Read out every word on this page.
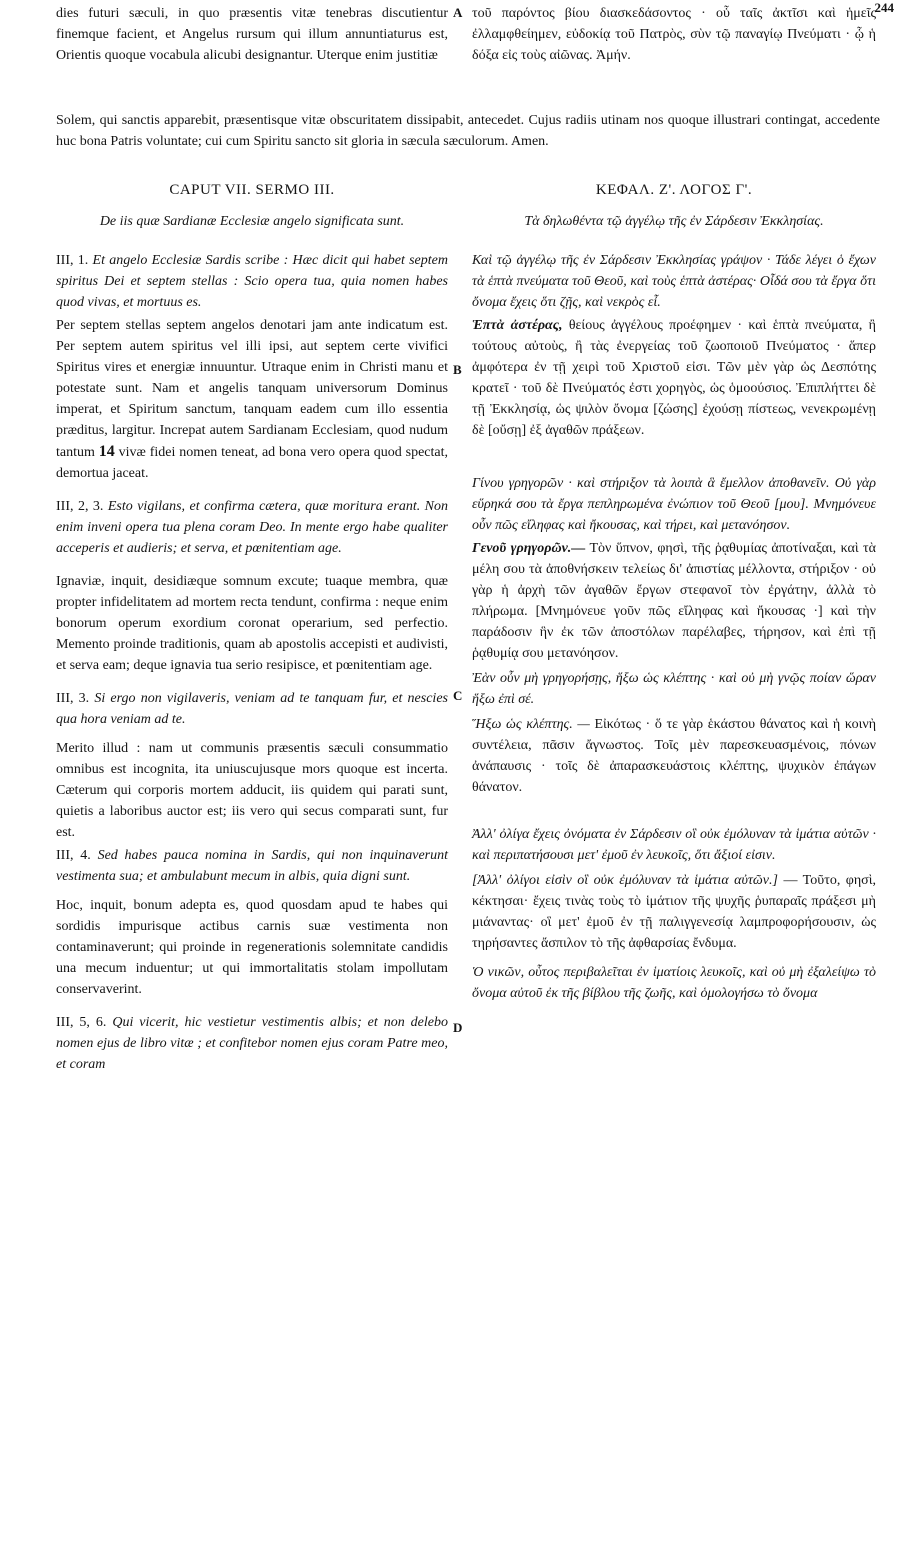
244

dies futuri sæculi, in quo præsentis vitæ tenebras discutientur finemque facient, et Angelus rursum qui illum annuntiaturus est, Orientis quoque vocabula alicubi designantur. Uterque enim justitiæ

A τοῦ παρόντος βίου διασκεδάσοντος · οὗ ταῖς ἀκτῖσι καὶ ἡμεῖς ἐλλαμφθείημεν, εὐδοκίᾳ τοῦ Πατρὸς, σὺν τῷ παναγίῳ Πνεύματι · ᾧ ἡ δόξα εἰς τοὺς αἰῶνας. Ἀμήν.

Solem, qui sanctis apparebit, præsentisque vitæ obscuritatem dissipabit, antecedet. Cujus radiis utinam nos quoque illustrari contingat, accedente huc bona Patris voluntate; cui cum Spiritu sancto sit gloria in sæcula sæculorum. Amen.

CAPUT VII. SERMO III.

De iis quæ Sardianæ Ecclesiæ angelo significata sunt.

III, 1. Et angelo Ecclesiæ Sardis scribe : Hæc dicit qui habet septem spiritus Dei et septem stellas : Scio opera tua, quia nomen habes quod vivas, et mortuus es.

Per septem stellas septem angelos denotari jam ante indicatum est. Per septem autem spiritus vel illi ipsi, aut septem certe vivifici Spiritus vires et energiæ innuuntur. Utraque enim in Christi manu et potestate sunt. Nam et angelis tanquam universorum Dominus imperat, et Spiritum sanctum, tanquam eadem cum illo essentia præditus, largitur. Increpat autem Sardianam Ecclesiam, quod nudum tantum 14 vivæ fidei nomen teneat, ad bona vero opera quod spectat, demortua jaceat.

III, 2, 3. Esto vigilans, et confirma cætera, quæ moritura erant. Non enim inveni opera tua plena coram Deo. In mente ergo habe qualiter acceperis et audieris; et serva, et pœnitentiam age.

Ignaviæ, inquit, desidiæque somnum excute; tuaque membra, quæ propter infidelitatem ad mortem recta tendunt, confirma : neque enim bonorum operum exordium coronat operarium, sed perfectio. Memento proinde traditionis, quam ab apostolis accepisti et audivisti, et serva eam; deque ignavia tua serio resipisce, et pœnitentiam age.

III, 3. Si ergo non vigilaveris, veniam ad te tanquam fur, et nescies qua hora veniam ad te.

Merito illud : nam ut communis præsentis sæculi consummatio omnibus est incognita, ita uniuscujusque mors quoque est incerta. Cæterum qui corporis mortem adducit, iis quidem qui parati sunt, quietis a laboribus auctor est; iis vero qui secus comparati sunt, fur est.

III, 4. Sed habes pauca nomina in Sardis, qui non inquinaverunt vestimenta sua; et ambulabunt mecum in albis, quia digni sunt.

Hoc, inquit, bonum adepta es, quod quosdam apud te habes qui sordidis impurisque actibus carnis suæ vestimenta non contaminaverunt; qui proinde in regenerationis solemnitate candidis una mecum induentur; ut qui immortalitatis stolam impollutam conservaverint.

III, 5, 6. Qui vicerit, hic vestietur vestimentis albis; et non delebo nomen ejus de libro vitæ ; et confitebor nomen ejus coram Patre meo, et coram

B
C
D

ΚΕΦΑΛ. Ζ'. ΛΟΓΟΣ Γ'.

Τὰ δηλωθέντα τῷ ἀγγέλῳ τῆς ἐν Σάρδεσιν Ἐκκλησίας.

Καὶ τῷ ἀγγέλῳ τῆς ἐν Σάρδεσιν Ἐκκλησίας γράψον · Τάδε λέγει ὁ ἔχων τὰ ἑπτὰ πνεύματα τοῦ Θεοῦ, καὶ τοὺς ἑπτὰ ἀστέρας· Οἶδά σου τὰ ἔργα ὅτι ὄνομα ἔχεις ὅτι ζῇς, καὶ νεκρὸς εἶ.

Ἑπτὰ ἀστέρας, θείους ἀγγέλους προέφημεν · καὶ ἑπτὰ πνεύματα, ἢ τούτους αὐτοὺς, ἢ τὰς ἐνεργείας τοῦ ζωοποιοῦ Πνεύματος · ἅπερ ἀμφότερα ἐν τῇ χειρὶ τοῦ Χριστοῦ εἰσι. Τῶν μὲν γὰρ ὡς Δεσπότης κρατεῖ · τοῦ δὲ Πνεύματός ἐστι χορηγὸς, ὡς ὁμοούσιος. Ἐπιπλήττει δὲ τῇ Ἐκκλησίᾳ, ὡς ψιλὸν ὄνομα [ζώσης] ἐχούσῃ πίστεως, νενεκρωμένῃ δὲ [οὔσῃ] ἐξ ἀγαθῶν πράξεων.

Γίνου γρηγορῶν · καὶ στήριξον τὰ λοιπὰ ἃ ἔμελλον ἀποθανεῖν. Οὐ γὰρ εὕρηκά σου τὰ ἔργα πεπληρωμένα ἐνώπιον τοῦ Θεοῦ [μου]. Μνημόνευε οὖν πῶς εἴληφας καὶ ἤκουσας, καὶ τήρει, καὶ μετανόησον.

Γενοῦ γρηγορῶν.— Τὸν ὕπνον, φησὶ, τῆς ῥᾳθυμίας ἀποτίναξαι, καὶ τὰ μέλη σου τὰ ἀποθνήσκειν τελείως δι' ἀπιστίας μέλλοντα, στήριξον · οὐ γὰρ ἡ ἀρχὴ τῶν ἀγαθῶν ἔργων στεφανοῖ τὸν ἐργάτην, ἀλλὰ τὸ πλήρωμα. [Μνημόνευε γοῦν πῶς εἴληφας καὶ ἤκουσας ·] καὶ τὴν παράδοσιν ἣν ἐκ τῶν ἀποστόλων παρέλαβες, τήρησον, καὶ ἐπὶ τῇ ῥᾳθυμίᾳ σου μετανόησον.

Ἐὰν οὖν μὴ γρηγορήσῃς, ἥξω ὡς κλέπτης · καὶ οὐ μὴ γνῷς ποίαν ὥραν ἥξω ἐπὶ σέ.

Ἥξω ὡς κλέπτης. — Εἰκότως · ὅ τε γὰρ ἑκάστου θάνατος καὶ ἡ κοινὴ συντέλεια, πᾶσιν ἄγνωστος. Τοῖς μὲν παρεσκευασμένοις, πόνων ἀνάπαυσις · τοῖς δὲ ἀπαρασκευάστοις κλέπτης, ψυχικὸν ἐπάγων θάνατον.

Ἀλλ' ὀλίγα ἔχεις ὀνόματα ἐν Σάρδεσιν οἳ οὐκ ἐμόλυναν τὰ ἱμάτια αὐτῶν · καὶ περιπατήσουσι μετ' ἐμοῦ ἐν λευκοῖς, ὅτι ἄξιοί εἰσιν.

[Ἀλλ' ὀλίγοι εἰσὶν οἳ οὐκ ἐμόλυναν τὰ ἱμάτια αὐτῶν.] — Τοῦτο, φησὶ, κέκτησαι· ἔχεις τινὰς τοὺς τὸ ἱμάτιον τῆς ψυχῆς ῥυπαραῖς πράξεσι μὴ μιάναντας· οἳ μετ' ἐμοῦ ἐν τῇ παλιγγενεσίᾳ λαμπροφορήσουσιν, ὡς τηρήσαντες ἄσπιλον τὸ τῆς ἀφθαρσίας ἔνδυμα.

Ὁ νικῶν, οὗτος περιβαλεῖται ἐν ἱματίοις λευκοῖς, καὶ οὐ μὴ ἐξαλείψω τὸ ὄνομα αὐτοῦ ἐκ τῆς βίβλου τῆς ζωῆς, καὶ ὁμολογήσω τὸ ὄνομα
